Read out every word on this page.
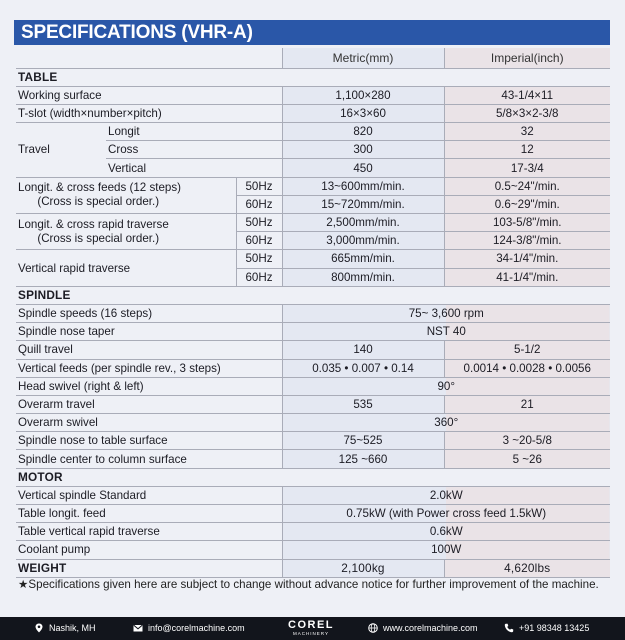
SPECIFICATIONS (VHR-A)
			Metric(mm)	Imperial(inch)
TABLE				
Working surface			1,100×280	43-1/4×11
T-slot (width×number×pitch)			16×3×60	5/8×3×2-3/8
Travel	Longit		820	32
	Cross		300	12
	Vertical		450	17-3/4
Longit. & cross feeds (12 steps)
(Cross is special order.)		50Hz	13~600mm/min.	0.5~24"/min.
		60Hz	15~720mm/min.	0.6~29"/min.
Longit. & cross rapid traverse
(Cross is special order.)		50Hz	2,500mm/min.	103-5/8"/min.
		60Hz	3,000mm/min.	124-3/8"/min.
Vertical rapid traverse		50Hz	665mm/min.	34-1/4"/min.
		60Hz	800mm/min.	41-1/4"/min.
SPINDLE				
Spindle speeds (16 steps)			75~ 3,600 rpm	
Spindle nose taper			NST 40	
Quill travel			140	5-1/2
Vertical feeds (per spindle rev., 3 steps)			0.035 • 0.007 • 0.14	0.0014 • 0.0028 • 0.0056
Head swivel (right & left)			90°	
Overarm travel			535	21
Overarm swivel			360°	
Spindle nose to table surface			75~525	3 ~20-5/8
Spindle center to column surface			125 ~660	5 ~26
MOTOR				
Vertical spindle Standard			2.0kW	
Table longit. feed			0.75kW (with Power cross feed 1.5kW)	
Table vertical rapid traverse			0.6kW	
Coolant pump			100W	
WEIGHT			2,100kg	4,620lbs
★Specifications given here are subject to change without advance notice for further improvement of the machine.
Nashik, MH	info@corelmachine.com	COREL
MACHINERY
www.corelmachine.com	+91 98348 13425
